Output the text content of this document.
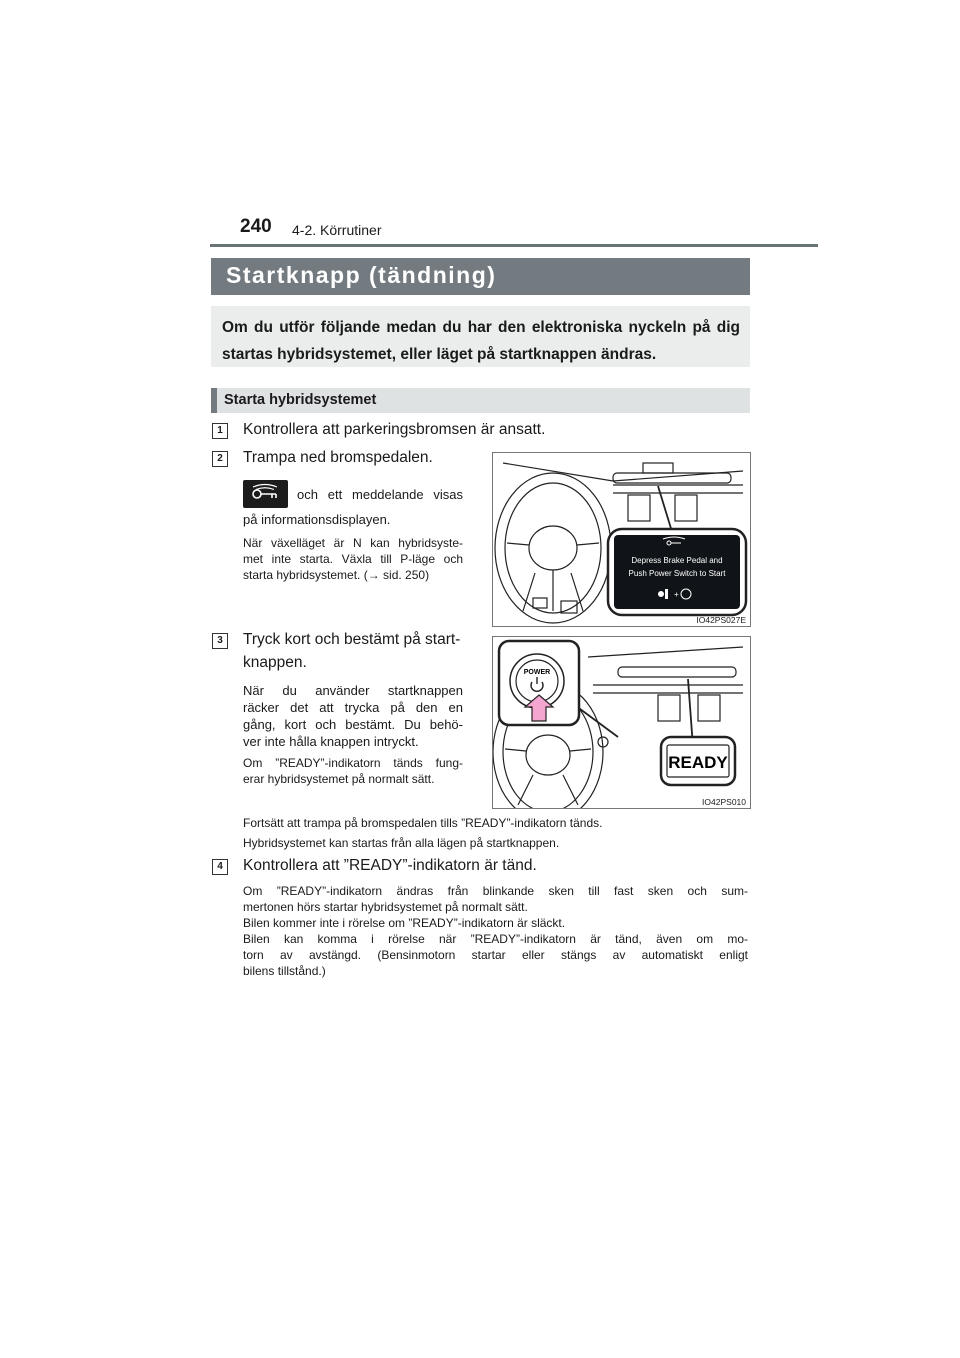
240 4-2. Körrutiner
Startknapp (tändning)
Om du utför följande medan du har den elektroniska nyckeln på dig startas hybridsystemet, eller läget på startknappen ändras.
Starta hybridsystemet
1	Kontrollera att parkeringsbromsen är ansatt.
2	Trampa ned bromspedalen.
och ett meddelande visas
på informationsdisplayen.
När växelläget är N kan hybridsyste-
met inte starta. Växla till P-läge och
starta hybridsystemet. (→ sid. 250)
Depress Brake Pedal and
Push Power Switch to Start
+
IO42PS027E
3	Tryck kort och bestämt på start-
knappen.
När du använder startknappen
räcker det att trycka på den en
gång, kort och bestämt. Du behö-
ver inte hålla knappen intryckt.
Om ”READY”-indikatorn tänds fung-
erar hybridsystemet på normalt sätt.
POWER
READY
IO42PS010
Fortsätt att trampa på bromspedalen tills ”READY”-indikatorn tänds.
Hybridsystemet kan startas från alla lägen på startknappen.
4	Kontrollera att ”READY”-indikatorn är tänd.
Om ”READY”-indikatorn ändras från blinkande sken till fast sken och sum-
mertonen hörs startar hybridsystemet på normalt sätt.
Bilen kommer inte i rörelse om ”READY”-indikatorn är släckt.
Bilen kan komma i rörelse när ”READY”-indikatorn är tänd, även om mo-
torn av avstängd. (Bensinmotorn startar eller stängs av automatiskt enligt
bilens tillstånd.)
